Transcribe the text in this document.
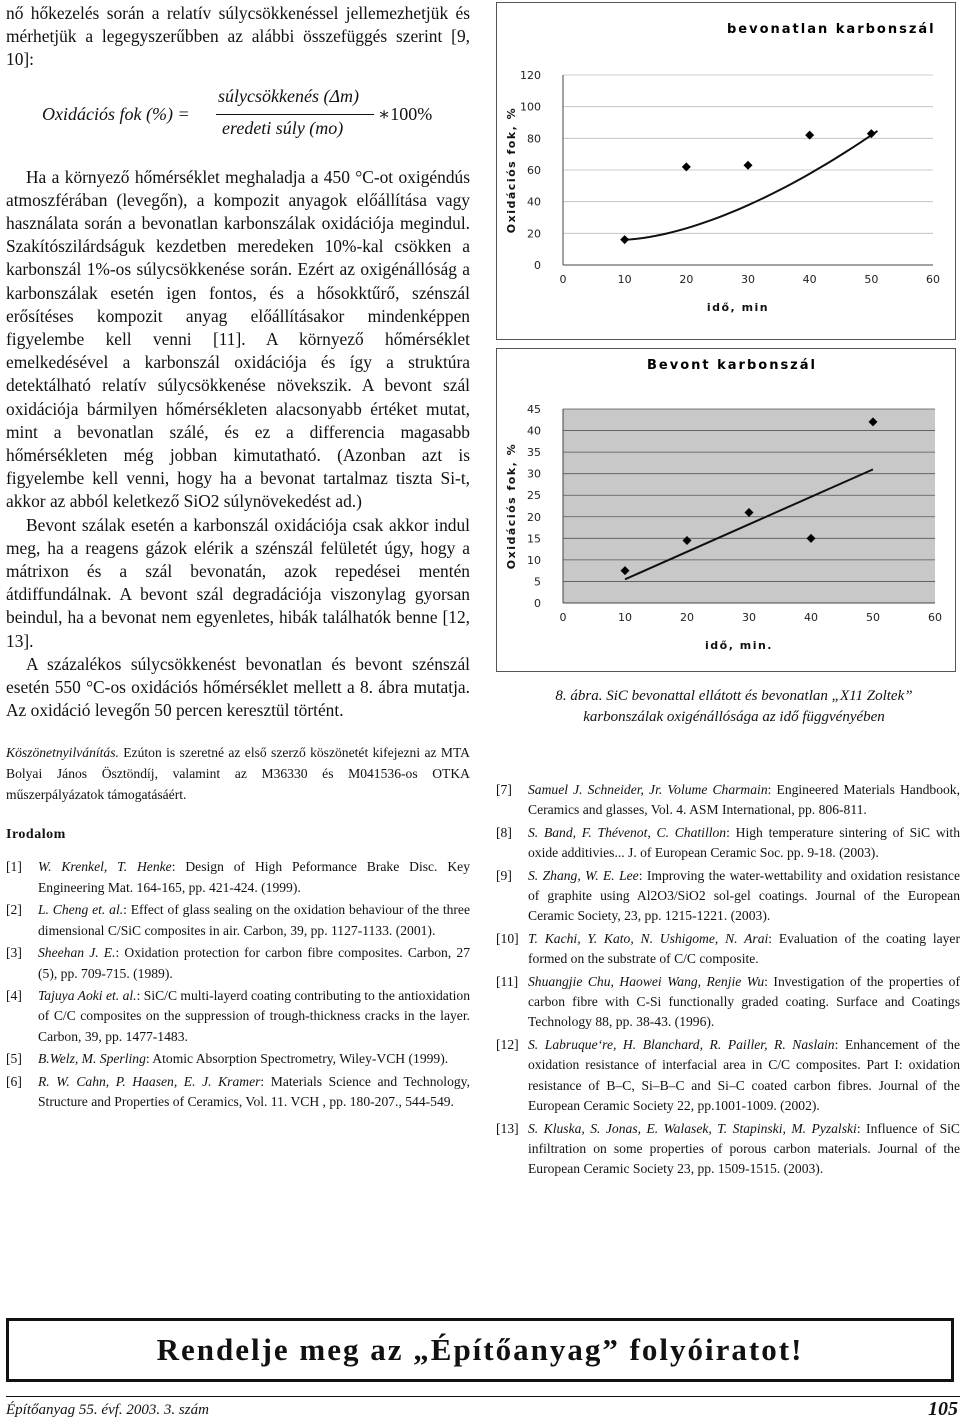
nő hőkezelés során a relatív súlycsökkenéssel jellemezhetjük és mérhetjük a legegyszerűbben az alábbi összefüggés szerint [9, 10]:

Oxidációs fok (%) =
súlycsökkenés (Δm)
eredeti súly (mo)
∗100%

Ha a környező hőmérséklet meghaladja a 450 °C-ot oxigéndús atmoszférában (levegőn), a kompozit anyagok előállítása vagy használata során a bevonatlan karbonszálak oxidációja megindul. Szakítószilárdságuk kezdetben meredeken 10%-kal csökken a karbonszál 1%-os súlycsökkenése során. Ezért az oxigénállóság a karbonszálak esetén igen fontos, és a hősokktűrő, szénszál erősítéses kompozit anyag előállításakor mindenképpen figyelembe kell venni [11]. A környező hőmérséklet emelkedésével a karbonszál oxidációja és így a struktúra detektálható relatív súlycsökkenése növekszik. A bevont szál oxidációja bármilyen hőmérsékleten alacsonyabb értéket mutat, mint a bevonatlan szálé, és ez a differencia magasabb hőmérsékleten még jobban kimutatható. (Azonban azt is figyelembe kell venni, hogy ha a bevonat tartalmaz tiszta Si-t, akkor az abból keletkező SiO2 súlynövekedést ad.)

Bevont szálak esetén a karbonszál oxidációja csak akkor indul meg, ha a reagens gázok elérik a szénszál felületét úgy, hogy a mátrixon és a szál bevonatán, azok repedései mentén átdiffundálnak. A bevont szál degradációja viszonylag gyorsan beindul, ha a bevonat nem egyenletes, hibák találhatók benne [12, 13].

A százalékos súlycsökkenést bevonatlan és bevont szénszál esetén 550 °C-os oxidációs hőmérséklet mellett a 8. ábra mutatja. Az oxidáció levegőn 50 percen keresztül történt.

Köszönetnyilvánítás. Ezúton is szeretné az első szerző köszönetét kifejezni az MTA Bolyai János Ösztöndíj, valamint az M36330 és M041536-os OTKA műszerpályázatok támogatásáért.

Irodalom
[1]	W. Krenkel, T. Henke: Design of High Peformance Brake Disc. Key Engineering Mat. 164-165, pp. 421-424. (1999).
[2]	L. Cheng et. al.: Effect of glass sealing on the oxidation behaviour of the three dimensional C/SiC composites in air. Carbon, 39, pp. 1127-1133. (2001).
[3]	Sheehan J. E.: Oxidation protection for carbon fibre composites. Carbon, 27 (5), pp. 709-715. (1989).
[4]	Tajuya Aoki et. al.: SiC/C multi-layerd coating contributing to the antioxidation of C/C composites on the suppression of trough-thickness cracks in the layer. Carbon, 39, pp. 1477-1483.
[5]	B.Welz, M. Sperling: Atomic Absorption Spectrometry, Wiley-VCH (1999).
[6]	R. W. Cahn, P. Haasen, E. J. Kramer: Materials Science and Technology, Structure and Properties of Ceramics, Vol. 11. VCH , pp. 180-207., 544-549.
bevonatlan karbonszál
0
20
40
60
80
100
120
0	10	20	30	40	50	60
idő, min
Oxidációs fok, %
Bevont karbonszál
0
5
10
15
20
25
30
35
40
45
0	10	20	30	40	50	60
idő, min.
Oxidációs fok, %
8. ábra. SiC bevonattal ellátott és bevonatlan „X11 Zoltek” karbonszálak oxigénállósága az idő függvényében
[7]	Samuel J. Schneider, Jr. Volume Charmain: Engineered Materials Handbook, Ceramics and glasses, Vol. 4. ASM International, pp. 806-811.
[8]	S. Band, F. Thévenot, C. Chatillon: High temperature sintering of SiC with oxide additivies... J. of European Ceramic Soc. pp. 9-18. (2003).
[9]	S. Zhang, W. E. Lee: Improving the water-wettability and oxidation resistance of graphite using Al2O3/SiO2 sol-gel coatings. Journal of the European Ceramic Society, 23, pp. 1215-1221. (2003).
[10] T. Kachi, Y. Kato, N. Ushigome, N. Arai: Evaluation of the coating layer formed on the substrate of C/C composite.
[11] Shuangjie Chu, Haowei Wang, Renjie Wu: Investigation of the properties of carbon fibre with C-Si functionally graded coating. Surface and Coatings Technology 88, pp. 38-43. (1996).
[12] S. Labruque‘re, H. Blanchard, R. Pailler, R. Naslain: Enhancement of the oxidation resistance of interfacial area in C/C composites. Part I: oxidation resistance of B–C, Si–B–C and Si–C coated carbon fibres. Journal of the European Ceramic Society 22, pp.1001-1009. (2002).
[13] S. Kluska, S. Jonas, E. Walasek, T. Stapinski, M. Pyzalski: Influence of SiC infiltration on some properties of porous carbon materials. Journal of the European Ceramic Society 23, pp. 1509-1515. (2003).
Rendelje meg az „Építőanyag” folyóiratot!
Építőanyag 55. évf. 2003. 3. szám	105
